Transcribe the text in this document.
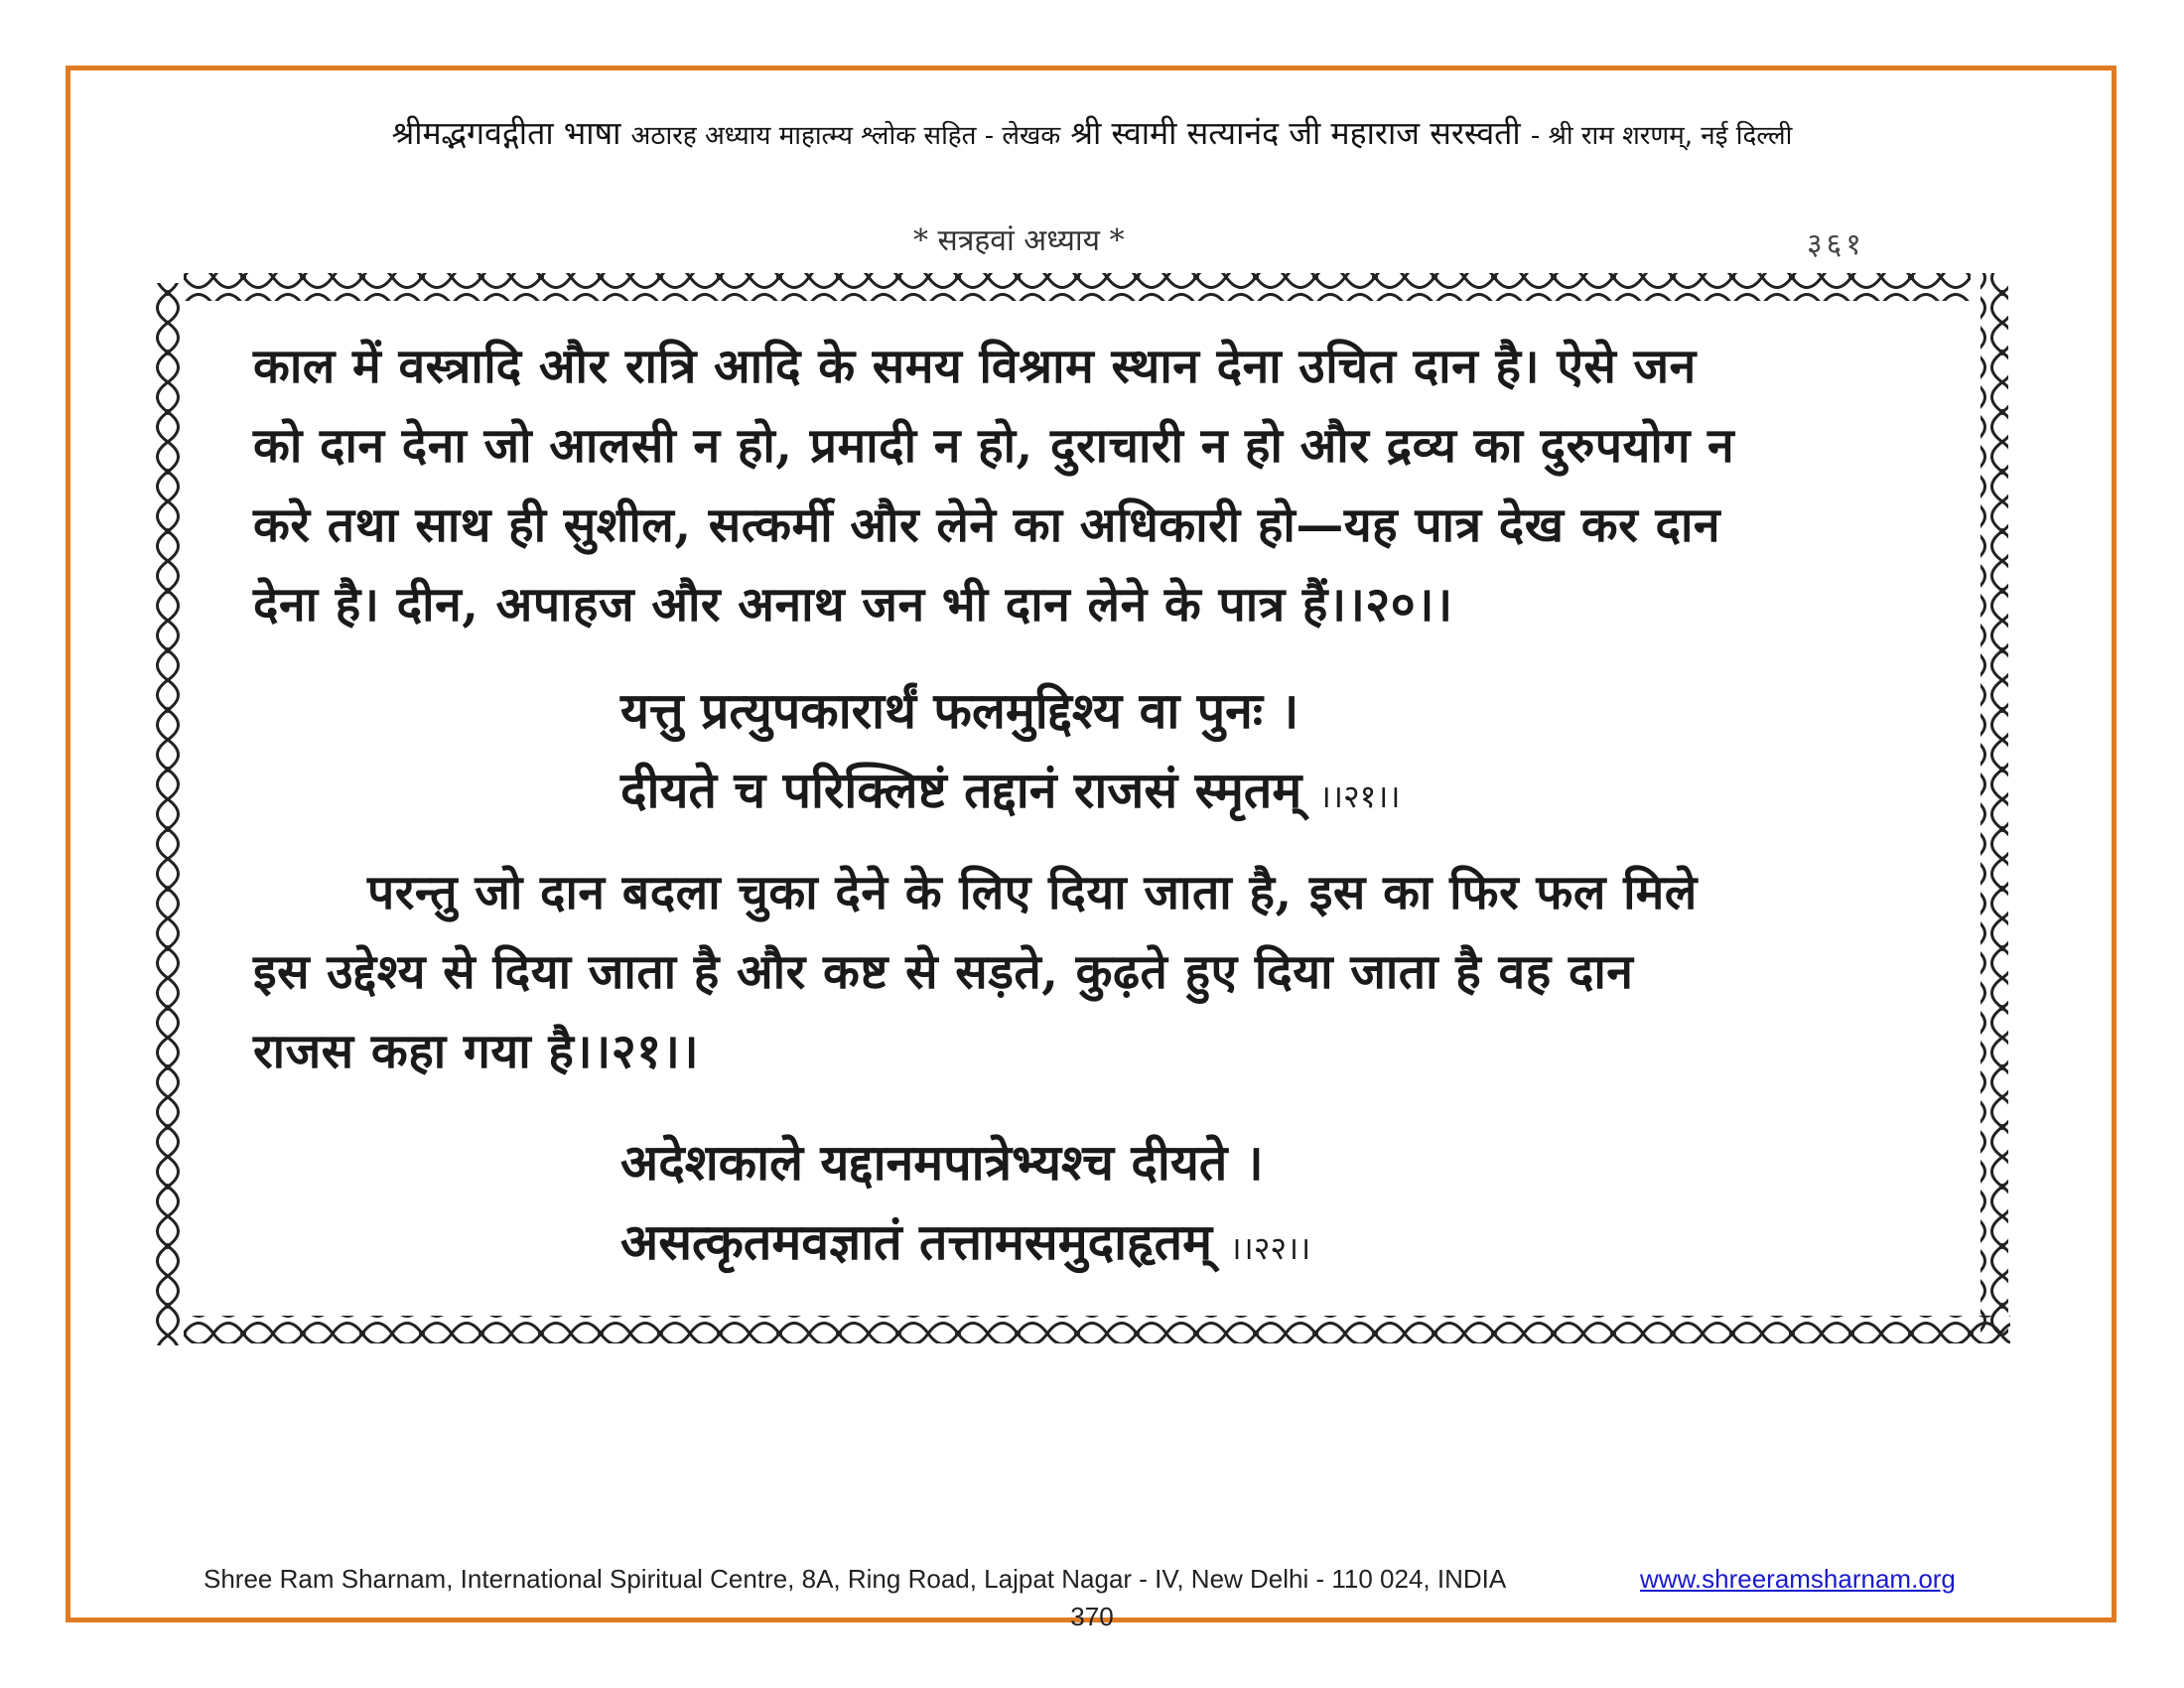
श्रीमद्भगवद्गीता भाषा अठारह अध्याय माहात्म्य श्लोक सहित - लेखक श्री स्वामी सत्यानंद जी महाराज सरस्वती - श्री राम शरणम्, नई दिल्ली
* सत्रहवां अध्याय *	३६१
काल में वस्त्रादि और रात्रि आदि के समय विश्राम स्थान देना उचित दान है। ऐसे जन
को दान देना जो आलसी न हो, प्रमादी न हो, दुराचारी न हो और द्रव्य का दुरुपयोग न
करे तथा साथ ही सुशील, सत्कर्मी और लेने का अधिकारी हो—यह पात्र देख कर दान
देना है। दीन, अपाहज और अनाथ जन भी दान लेने के पात्र हैं।।२०।।
यत्तु प्रत्युपकारार्थं फलमुद्दिश्य वा पुनः ।
दीयते च परिक्लिष्टं तद्दानं राजसं स्मृतम् ।।२१।।
परन्तु जो दान बदला चुका देने के लिए दिया जाता है, इस का फिर फल मिले
इस उद्देश्य से दिया जाता है और कष्ट से सड़ते, कुढ़ते हुए दिया जाता है वह दान
राजस कहा गया है।।२१।।
अदेशकाले यद्दानमपात्रेभ्यश्च दीयते ।
असत्कृतमवज्ञातं तत्तामसमुदाहृतम् ।।२२।।
Shree Ram Sharnam, International Spiritual Centre, 8A, Ring Road, Lajpat Nagar - IV, New Delhi - 110 024, INDIA	www.shreeramsharnam.org
370
